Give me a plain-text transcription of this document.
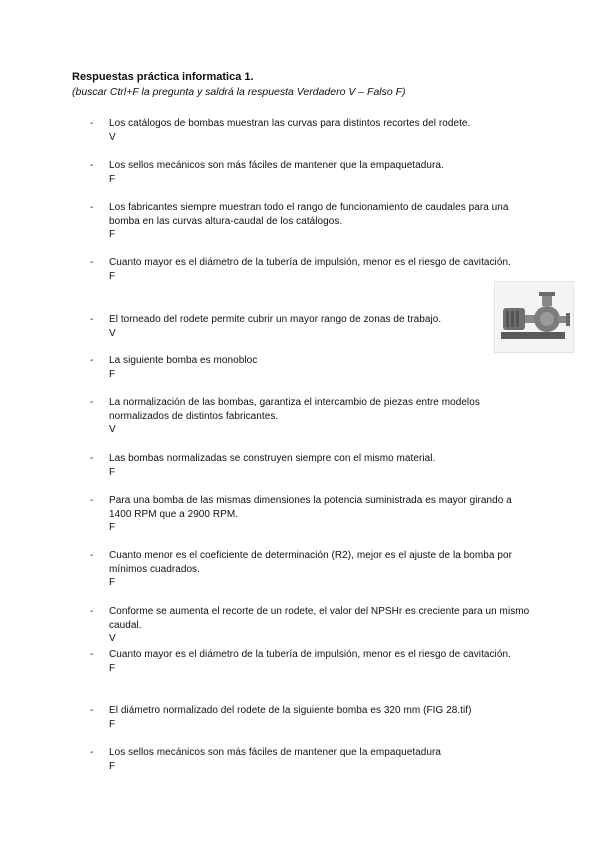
Respuestas práctica informatica 1.
(buscar Ctrl+F la pregunta y saldrá la respuesta Verdadero V – Falso F)
-	Los catálogos de bombas muestran las curvas para distintos recortes del rodete.
V
-	Los sellos mecánicos son más fáciles de mantener que la empaquetadura.
F
-	Los fabricantes siempre muestran todo el rango de funcionamiento de caudales para una bomba en las curvas altura-caudal de los catálogos.
F
-	Cuanto mayor es el diámetro de la tubería de impulsión, menor es el riesgo de cavitación.
F
-	El torneado del rodete permite cubrir un mayor rango de zonas de trabajo.
V
-	La siguiente bomba es monobloc
F
-	La normalización de las bombas, garantiza el intercambio de piezas entre modelos normalizados de distintos fabricantes.
V
-	Las bombas normalizadas se construyen siempre con el mismo material.
F
-	Para una bomba de las mismas dimensiones la potencia suministrada es mayor girando a 1400 RPM que a 2900 RPM.
F
-	Cuanto menor es el coeficiente de determinación (R2), mejor es el ajuste de la bomba por mínimos cuadrados.
F
-	Conforme se aumenta el recorte de un rodete, el valor del NPSHr es creciente para un mismo caudal.
V
-	Cuanto mayor es el diámetro de la tubería de impulsión, menor es el riesgo de cavitación.
F
-	El diámetro normalizado del rodete de la siguiente bomba es 320 mm (FIG 28.tif)
F
-	Los sellos mecánicos son más fáciles de mantener que la empaquetadura
F
